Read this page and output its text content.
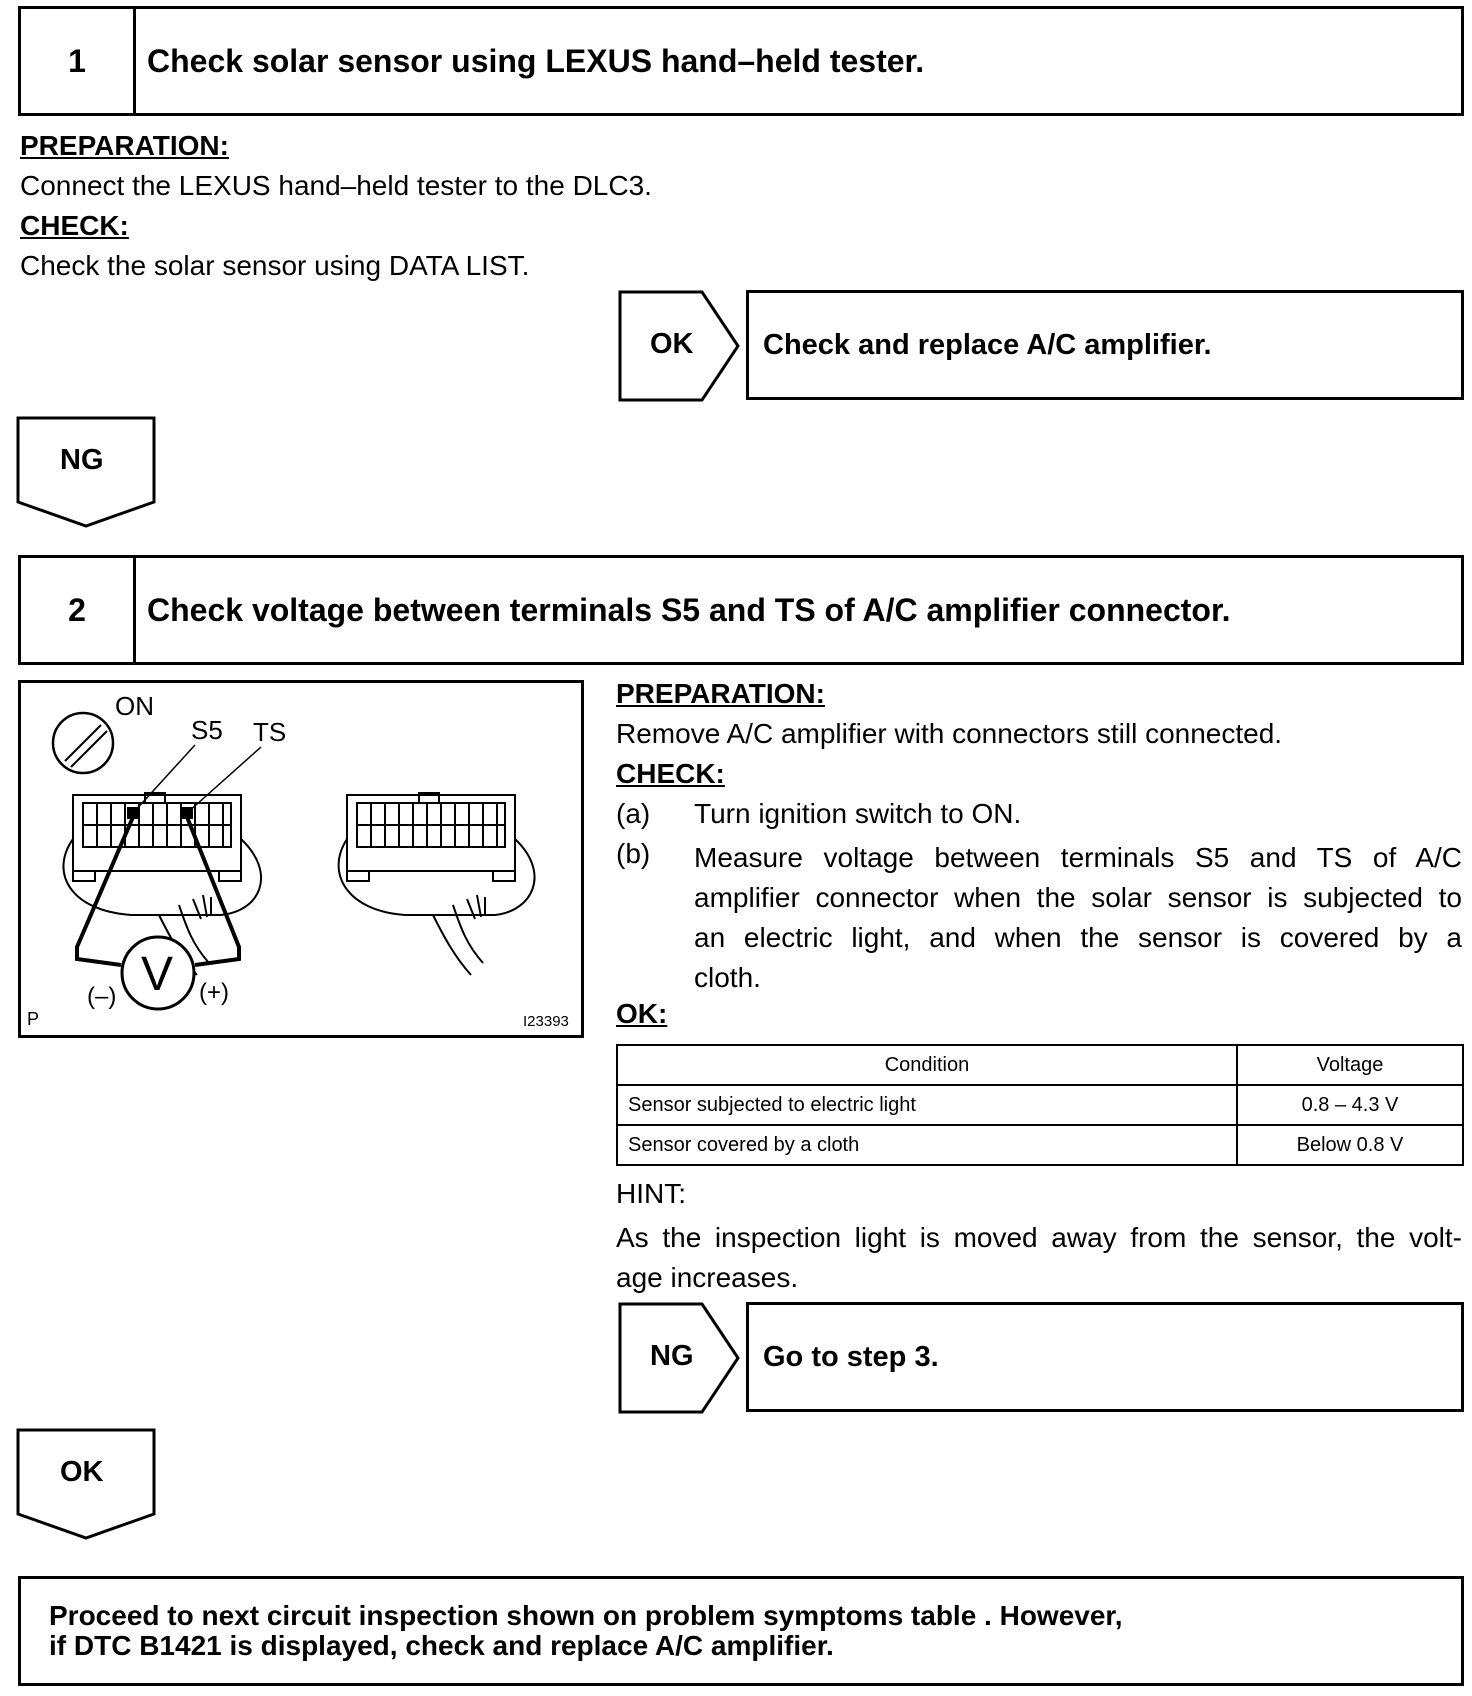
1	Check solar sensor using LEXUS hand–held tester.
PREPARATION:
Connect the LEXUS hand–held tester to the DLC3.
CHECK:
Check the solar sensor using DATA LIST.
OK	Check and replace A/C amplifier.
NG
2	Check voltage between terminals S5 and TS of A/C amplifier connector.
ON
S5 TS
(–)	(+)
V
P	I23393
PREPARATION:
Remove A/C amplifier with connectors still connected.
CHECK:
(a) Turn ignition switch to ON.
(b) Measure voltage between terminals S5 and TS of A/C
amplifier connector when the solar sensor is subjected to
an electric light, and when the sensor is covered by a
cloth.
OK:
Condition	Voltage
Sensor subjected to electric light	0.8 – 4.3 V
Sensor covered by a cloth	Below 0.8 V
HINT:
As the inspection light is moved away from the sensor, the volt-
age increases.
NG	Go to step 3.
OK
Proceed to next circuit inspection shown on problem symptoms table . However,
if DTC B1421 is displayed, check and replace A/C amplifier.
